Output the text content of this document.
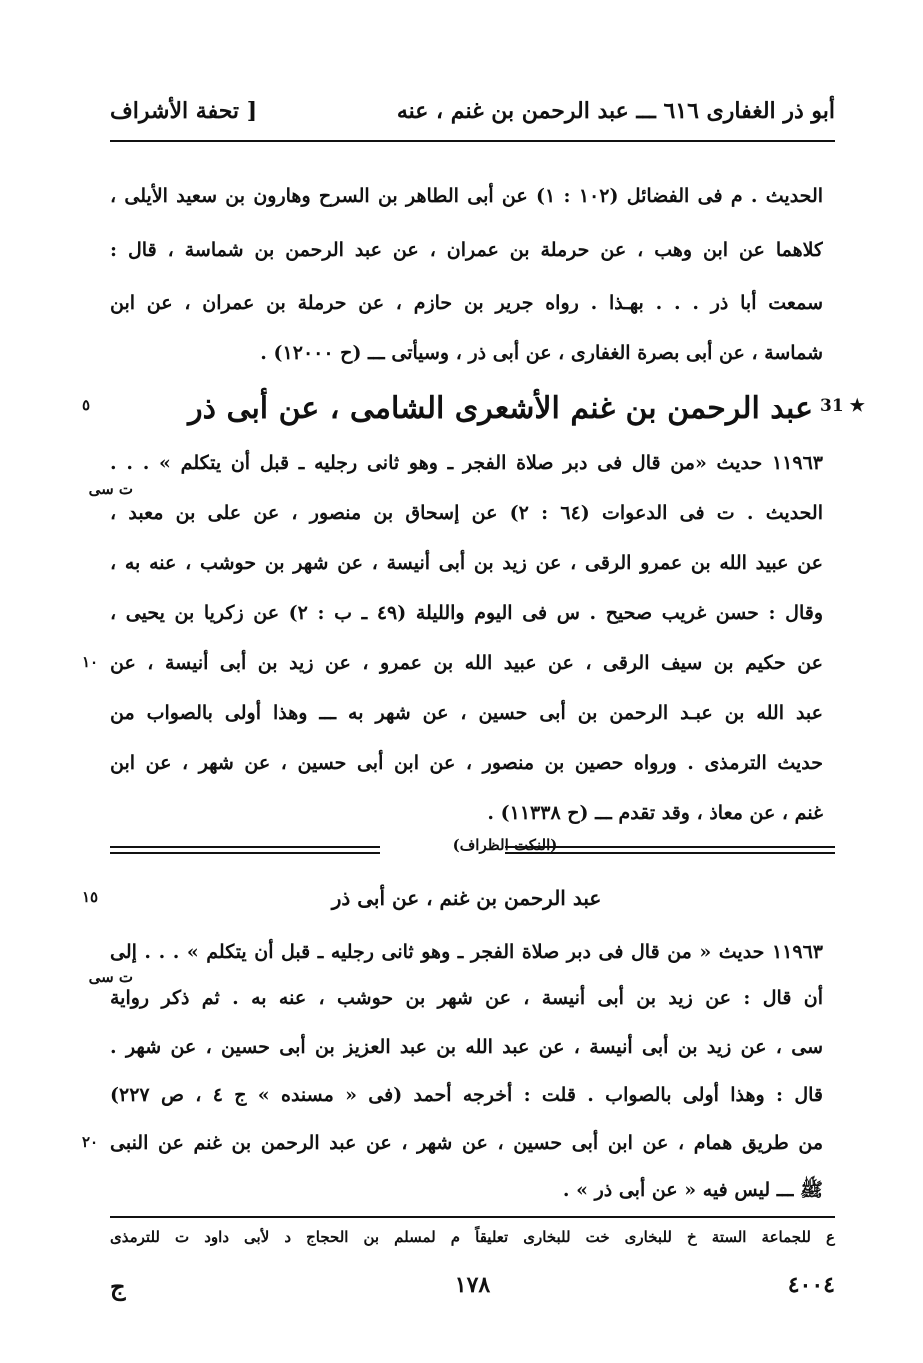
أبو ذر الغفارى ٦١٦ ـــ عبد الرحمن بن غنم ، عنه
[ تحفة الأشراف
الحديث . م فى الفضائل (١٠٢ : ١) عن أبى الطاهر بن السرح وهارون بن سعيد الأيلى ،
كلاهما عن ابن وهب ، عن حرملة بن عمران ، عن عبد الرحمن بن شماسة ، قال :
سمعت أبا ذر . . . بهـذا . رواه جرير بن حازم ، عن حرملة بن عمران ، عن ابن
شماسة ، عن أبى بصرة الغفارى ، عن أبى ذر ، وسيأتى ـــ (ح ١٢٠٠٠) .
31 ★
عبد الرحمن بن غنم الأشعرى الشامى ، عن أبى ذر
٥
١١٩٦٣ حديث «من قال فى دبر صلاة الفجر ـ وهو ثانى رجليه ـ قبل أن يتكلم » . . .
ت سى
الحديث . ت فى الدعوات (٦٤ : ٢) عن إسحاق بن منصور ، عن على بن معبد ،
عن عبيد الله بن عمرو الرقى ، عن زيد بن أبى أنيسة ، عن شهر بن حوشب ، عنه به ،
وقال : حسن غريب صحيح . س فى اليوم والليلة (٤٩ ـ ب : ٢) عن زكريا بن يحيى ،
عن حكيم بن سيف الرقى ، عن عبيد الله بن عمرو ، عن زيد بن أبى أنيسة ، عن
١٠
عبد الله بن عبـد الرحمن بن أبى حسين ، عن شهر به ـــ وهذا أولى بالصواب من
حديث الترمذى . ورواه حصين بن منصور ، عن ابن أبى حسين ، عن شهر ، عن ابن
غنم ، عن معاذ ، وقد تقدم ـــ (ح ١١٣٣٨) .
(النكت الظراف)
عبد الرحمن بن غنم ، عن أبى ذر
١٥
١١٩٦٣ حديث « من قال فى دبر صلاة الفجر ـ وهو ثانى رجليه ـ قبل أن يتكلم » . . . إلى
ت سى
أن قال : عن زيد بن أبى أنيسة ، عن شهر بن حوشب ، عنه به . ثم ذكر رواية
سى ، عن زيد بن أبى أنيسة ، عن عبد الله بن عبد العزيز بن أبى حسين ، عن شهر .
قال : وهذا أولى بالصواب . قلت : أخرجه أحمد (فى « مسنده » ج ٤ ، ص ٢٢٧)
من طريق همام ، عن ابن أبى حسين ، عن شهر ، عن عبد الرحمن بن غنم عن النبى
٢٠
ﷺ ـــ ليس فيه « عن أبى ذر » .
ع للجماعة الستة خ للبخارى خت للبخارى تعليقاً م لمسلم بن الحجاج د لأبى داود ت للترمذى
٤٠٠٤
١٧٨
ج
